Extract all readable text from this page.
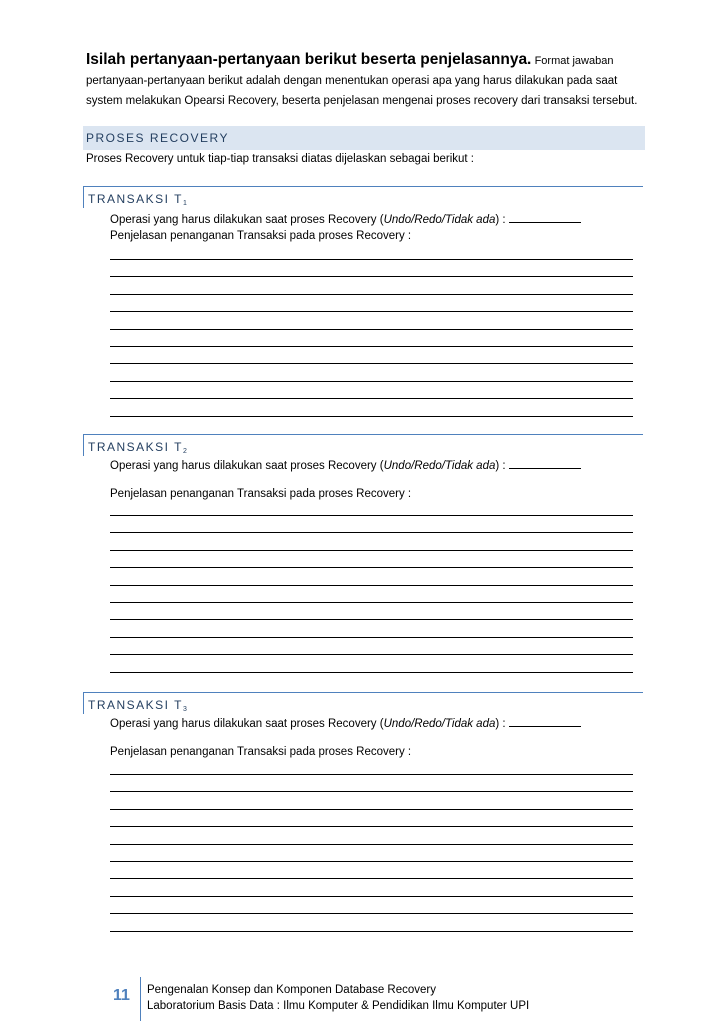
Isilah pertanyaan-pertanyaan berikut beserta penjelasannya. Format jawaban
pertanyaan-pertanyaan berikut adalah dengan menentukan operasi apa yang harus dilakukan pada saat
system melakukan Opearsi Recovery, beserta penjelasan mengenai proses recovery dari transaksi tersebut.
PROSES RECOVERY
Proses Recovery untuk tiap-tiap transaksi diatas dijelaskan sebagai berikut :
TRANSAKSI $T_1$
Operasi yang harus dilakukan saat proses Recovery (Undo/Redo/Tidak ada) :
Penjelasan penanganan Transaksi pada proses Recovery :
TRANSAKSI $T_2$
Operasi yang harus dilakukan saat proses Recovery (Undo/Redo/Tidak ada) :
Penjelasan penanganan Transaksi pada proses Recovery :
TRANSAKSI $T_3$
Operasi yang harus dilakukan saat proses Recovery (Undo/Redo/Tidak ada) :
Penjelasan penanganan Transaksi pada proses Recovery :
11 Pengenalan Konsep dan Komponen Database Recovery
Laboratorium Basis Data : Ilmu Komputer & Pendidikan Ilmu Komputer UPI
